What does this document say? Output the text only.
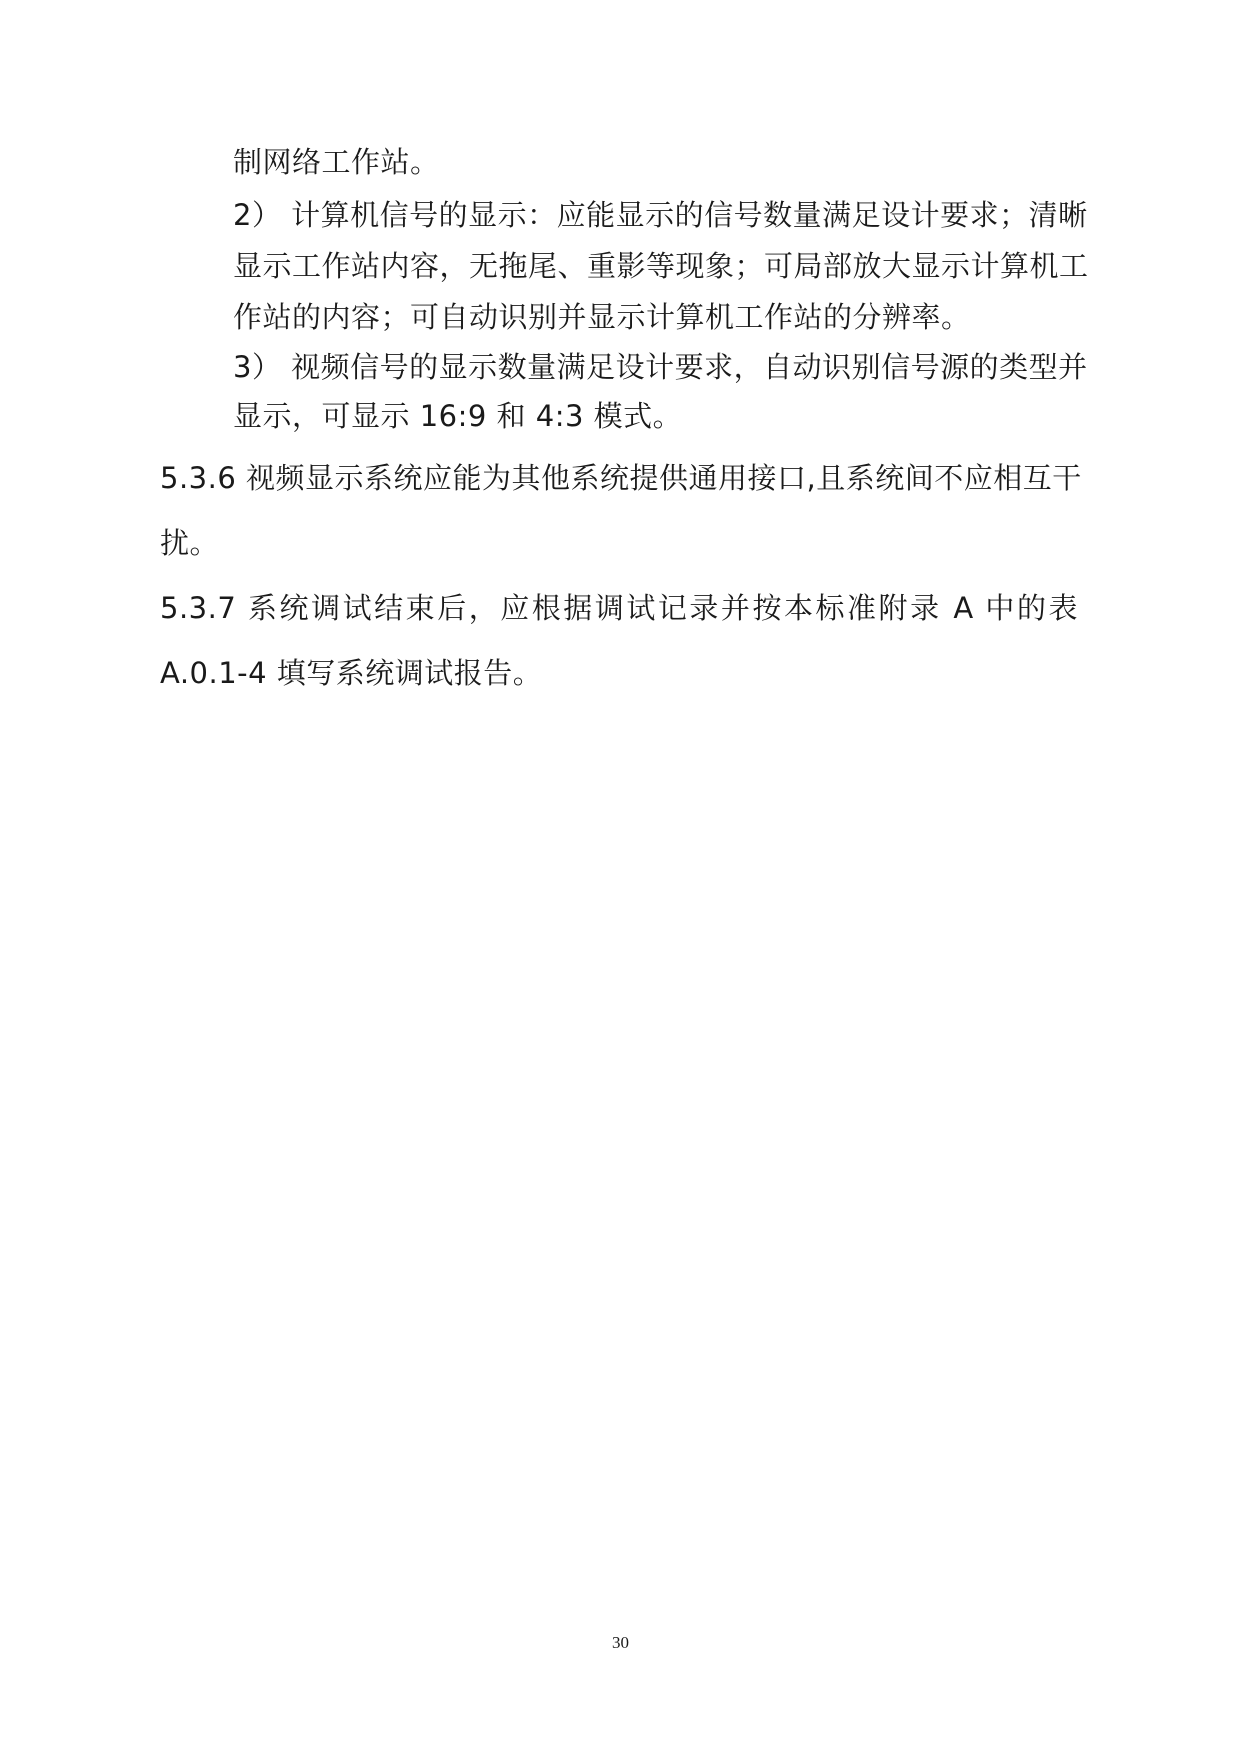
制网络工作站。
2） 计算机信号的显示：应能显示的信号数量满足设计要求；清晰
显示工作站内容，无拖尾、重影等现象；可局部放大显示计算机工
作站的内容；可自动识别并显示计算机工作站的分辨率。
3） 视频信号的显示数量满足设计要求，自动识别信号源的类型并
显示，可显示 16:9 和 4:3 模式。
5.3.6 视频显示系统应能为其他系统提供通用接口,且系统间不应相互干
扰。
5.3.7 系统调试结束后，应根据调试记录并按本标准附录 A 中的表
A.0.1-4 填写系统调试报告。
30
